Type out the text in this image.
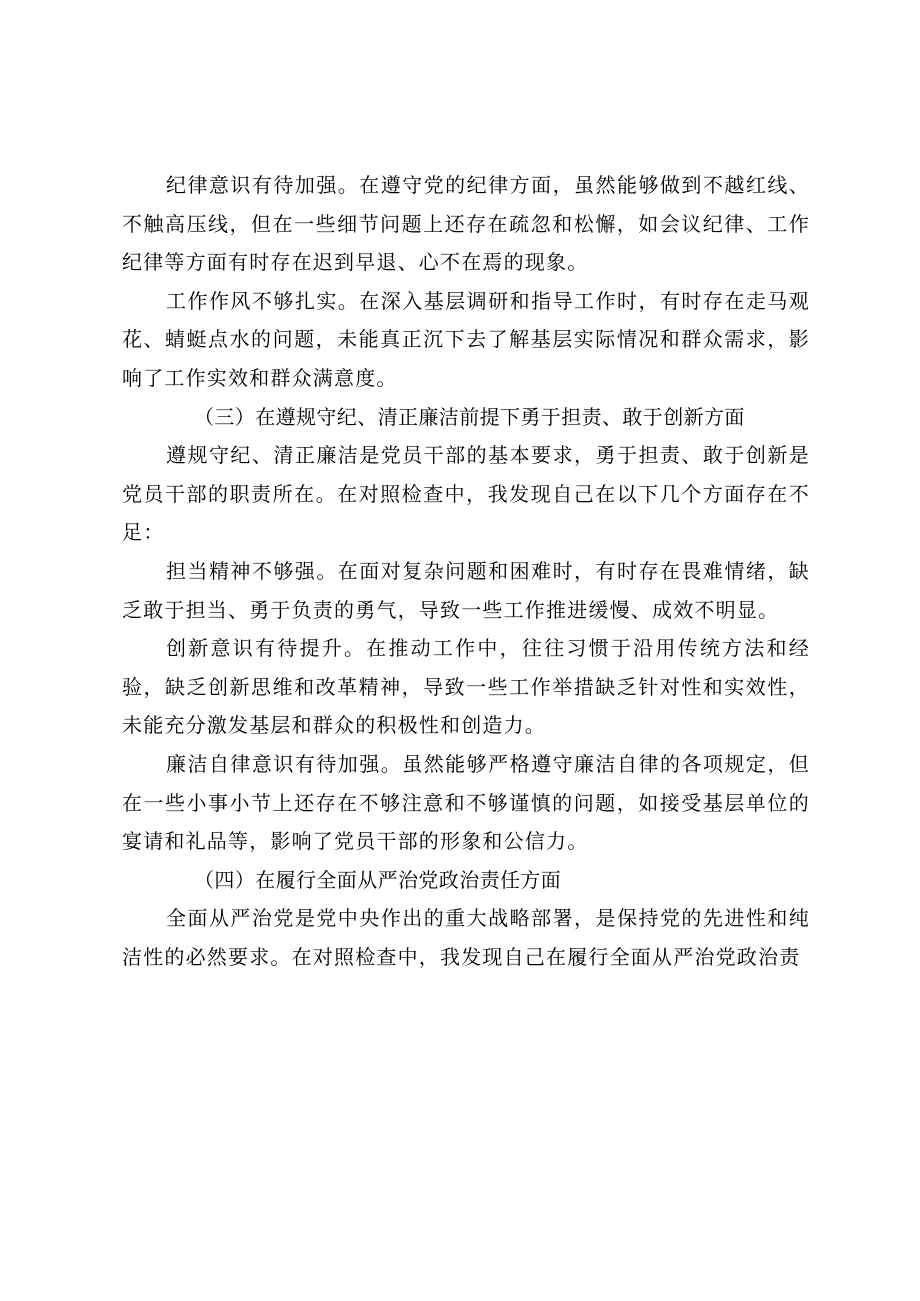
纪律意识有待加强。在遵守党的纪律方面，虽然能够做到不越红线、不触高压线，但在一些细节问题上还存在疏忽和松懈，如会议纪律、工作纪律等方面有时存在迟到早退、心不在焉的现象。

工作作风不够扎实。在深入基层调研和指导工作时，有时存在走马观花、蜻蜓点水的问题，未能真正沉下去了解基层实际情况和群众需求，影响了工作实效和群众满意度。

（三）在遵规守纪、清正廉洁前提下勇于担责、敢于创新方面

遵规守纪、清正廉洁是党员干部的基本要求，勇于担责、敢于创新是党员干部的职责所在。在对照检查中，我发现自己在以下几个方面存在不足：

担当精神不够强。在面对复杂问题和困难时，有时存在畏难情绪，缺乏敢于担当、勇于负责的勇气，导致一些工作推进缓慢、成效不明显。

创新意识有待提升。在推动工作中，往往习惯于沿用传统方法和经验，缺乏创新思维和改革精神，导致一些工作举措缺乏针对性和实效性，未能充分激发基层和群众的积极性和创造力。

廉洁自律意识有待加强。虽然能够严格遵守廉洁自律的各项规定，但在一些小事小节上还存在不够注意和不够谨慎的问题，如接受基层单位的宴请和礼品等，影响了党员干部的形象和公信力。

（四）在履行全面从严治党政治责任方面

全面从严治党是党中央作出的重大战略部署，是保持党的先进性和纯洁性的必然要求。在对照检查中，我发现自己在履行全面从严治党政治责
